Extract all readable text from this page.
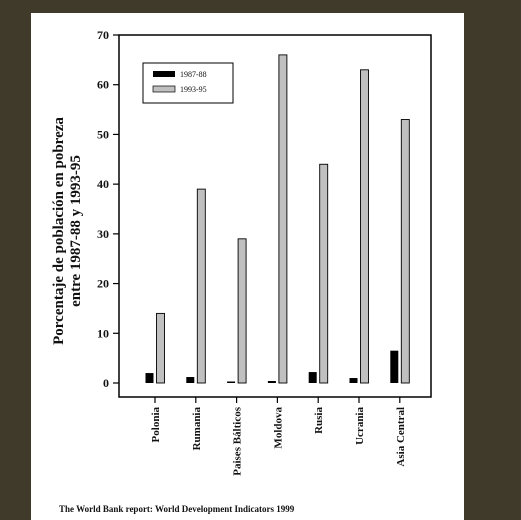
Porcentaje de población en pobreza entre 1987-88 y 1993-95
0
10
20
30
40
50
60
70
Polonia	Rumania	Paises Bálticos	Moldova	Rusia	Ucrania	Asia Central
1987-88
1993-95
The World Bank report: World Development Indicators 1999
